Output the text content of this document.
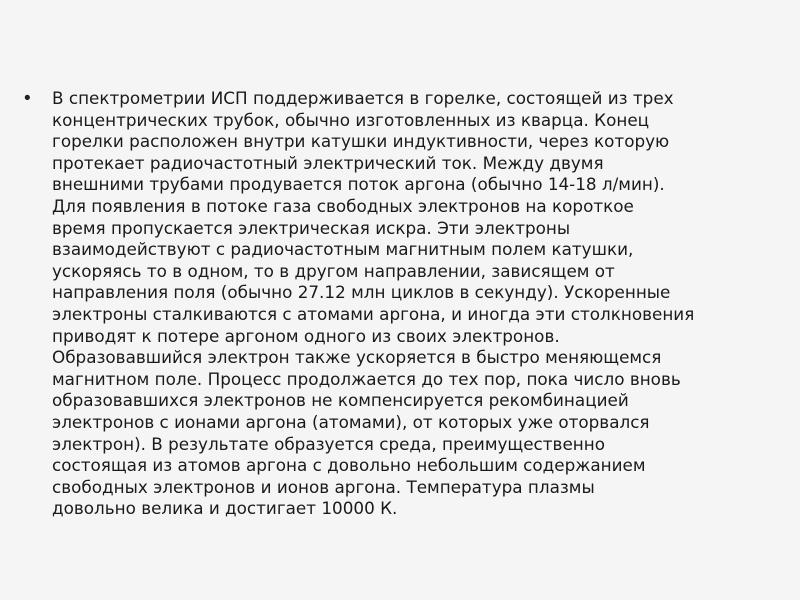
•	В спектрометрии ИСП поддерживается в горелке, состоящей из трех
концентрических трубок, обычно изготовленных из кварца. Конец
горелки расположен внутри катушки индуктивности, через которую
протекает радиочастотный электрический ток. Между двумя
внешними трубами продувается поток аргона (обычно 14-18 л/мин).
Для появления в потоке газа свободных электронов на короткое
время пропускается электрическая искра. Эти электроны
взаимодействуют с радиочастотным магнитным полем катушки,
ускоряясь то в одном, то в другом направлении, зависящем от
направления поля (обычно 27.12 млн циклов в секунду). Ускоренные
электроны сталкиваются с атомами аргона, и иногда эти столкновения
приводят к потере аргоном одного из своих электронов.
Образовавшийся электрон также ускоряется в быстро меняющемся
магнитном поле. Процесс продолжается до тех пор, пока число вновь
образовавшихся электронов не компенсируется рекомбинацией
электронов с ионами аргона (атомами), от которых уже оторвался
электрон). В результате образуется среда, преимущественно
состоящая из атомов аргона с довольно небольшим содержанием
свободных электронов и ионов аргона. Температура плазмы
довольно велика и достигает 10000 К.
